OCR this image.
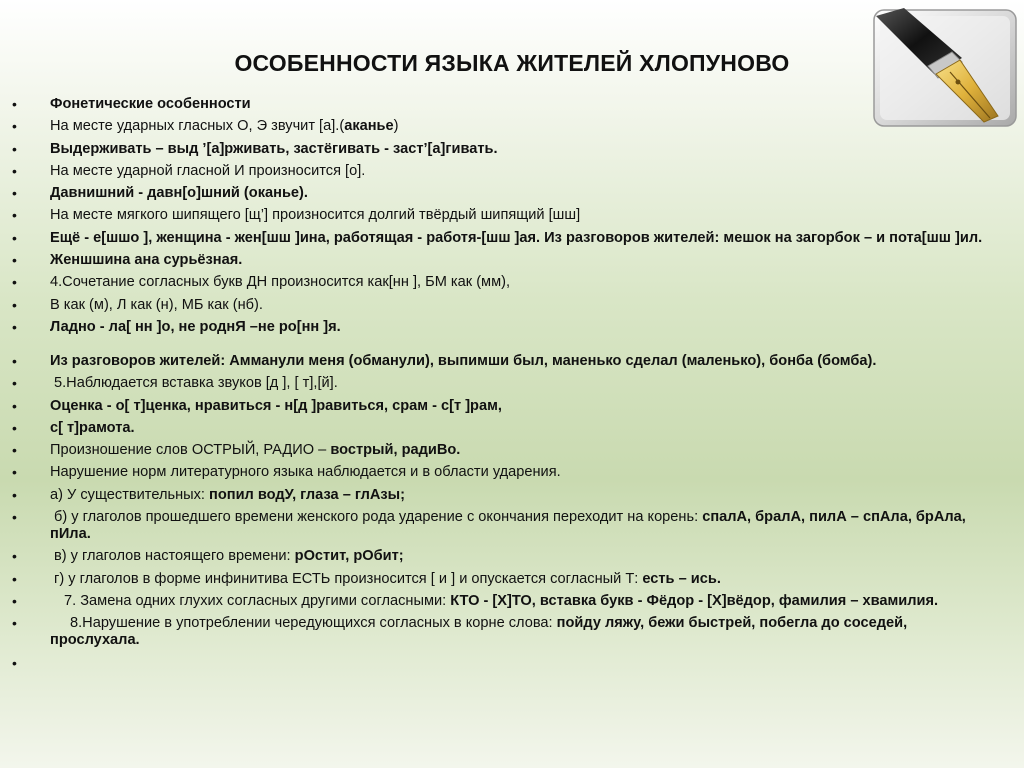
ОСОБЕННОСТИ ЯЗЫКА ЖИТЕЛЕЙ ХЛОПУНОВО
• Фонетические особенности
• На месте ударных гласных О, Э звучит [а].(аканье)
• Выдерживать – выд ’[а]рживать, застёгивать - заст’[а]гивать.
• На месте ударной гласной И произносится [о].
• Давнишний - давн[о]шний (оканье).
• На месте мягкого шипящего [щ’] произносится долгий твёрдый шипящий [шш]
• Ещё - е[шшо ], женщина - жен[шш ]ина, работящая - работя-[шш ]ая. Из разговоров жителей: мешок на загорбок – и пота[шш ]ил.
• Женшшина ана сурьёзная.
• 4.Сочетание согласных букв ДН произносится как[нн ], БМ как (мм),
• В как (м), Л как (н), МБ как (нб).
• Ладно - ла[ нн ]о, не роднЯ –не ро[нн ]я.
• Из разговоров жителей: Амманули меня (обманули), выпимши был, маненько сделал (маленько), бонба (бомба).
• 5.Наблюдается вставка звуков [д ], [ т],[й].
• Оценка - о[ т]ценка, нравиться - н[д ]равиться, срам - с[т ]рам,
• с[ т]рамота.
• Произношение слов ОСТРЫЙ, РАДИО – вострый, радиВо.
• Нарушение норм литературного языка наблюдается и в области ударения.
• а) У существительных: попил водУ, глаза – глАзы;
• б) у глаголов прошедшего времени женского рода ударение с окончания переходит на корень: спалА, бралА, пилА – спАла, брАла, пИла.
• в) у глаголов настоящего времени: рОстит, рОбит;
• г) у глаголов в форме инфинитива ЕСТЬ произносится [ и ] и опускается согласный Т: есть – ись.
• 7. Замена одних глухих согласных другими согласными: КТО - [Х]ТО, вставка букв - Фёдор - [Х]вёдор, фамилия – хвамилия.
• 8.Нарушение в употреблении чередующихся согласных в корне слова: пойду ляжу, бежи быстрей, побегла до соседей, прослухала.
